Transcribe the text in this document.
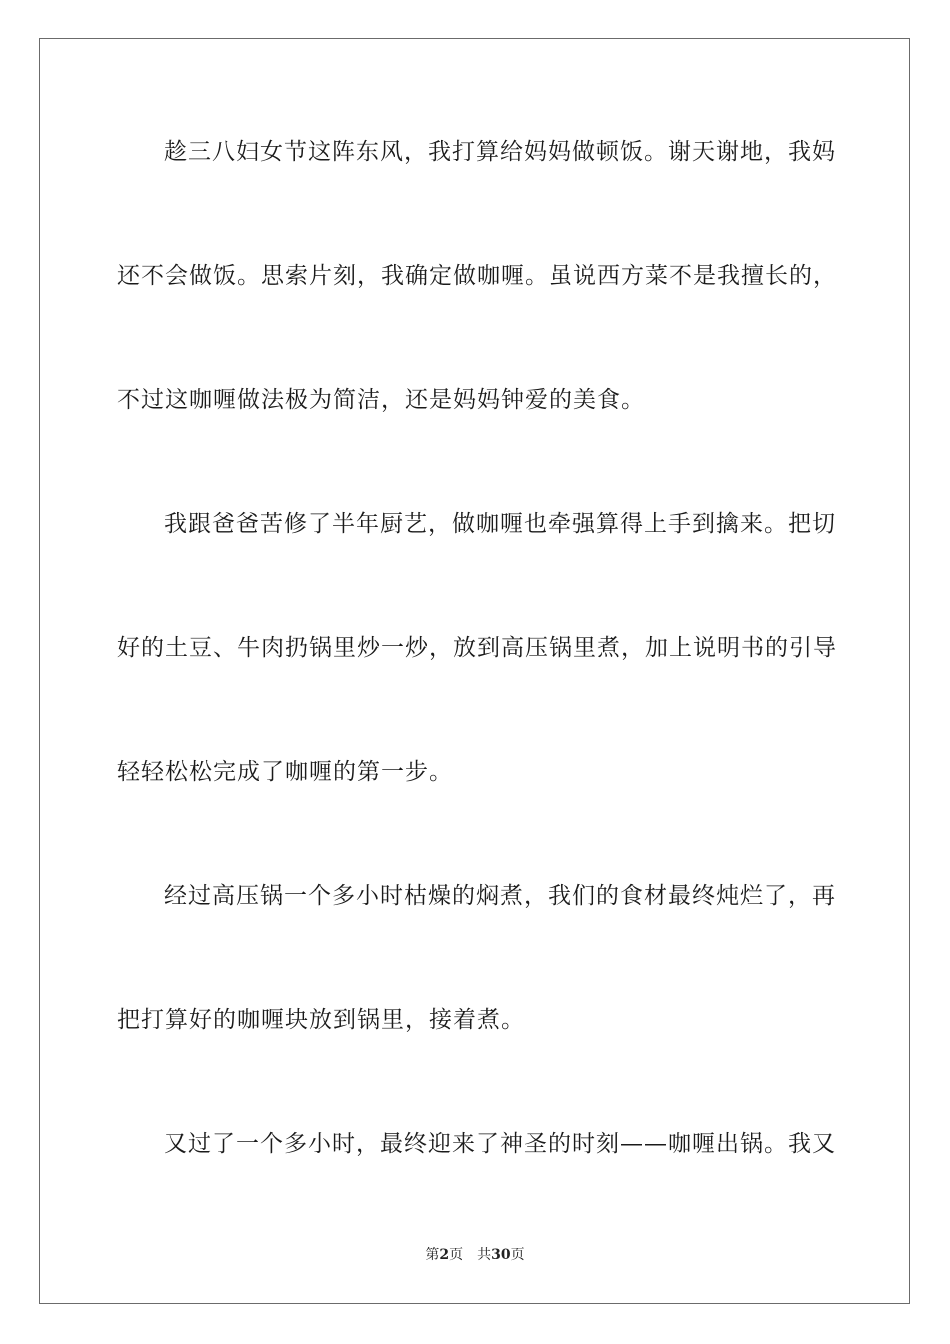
趁三八妇女节这阵东风，我打算给妈妈做顿饭。谢天谢地，我妈
还不会做饭。思索片刻，我确定做咖喱。虽说西方菜不是我擅长的，
不过这咖喱做法极为简洁，还是妈妈钟爱的美食。
我跟爸爸苦修了半年厨艺，做咖喱也牵强算得上手到擒来。把切
好的土豆、牛肉扔锅里炒一炒，放到高压锅里煮，加上说明书的引导
轻轻松松完成了咖喱的第一步。
经过高压锅一个多小时枯燥的焖煮，我们的食材最终炖烂了，再
把打算好的咖喱块放到锅里，接着煮。
又过了一个多小时，最终迎来了神圣的时刻——咖喱出锅。我又
第2页 共30页
